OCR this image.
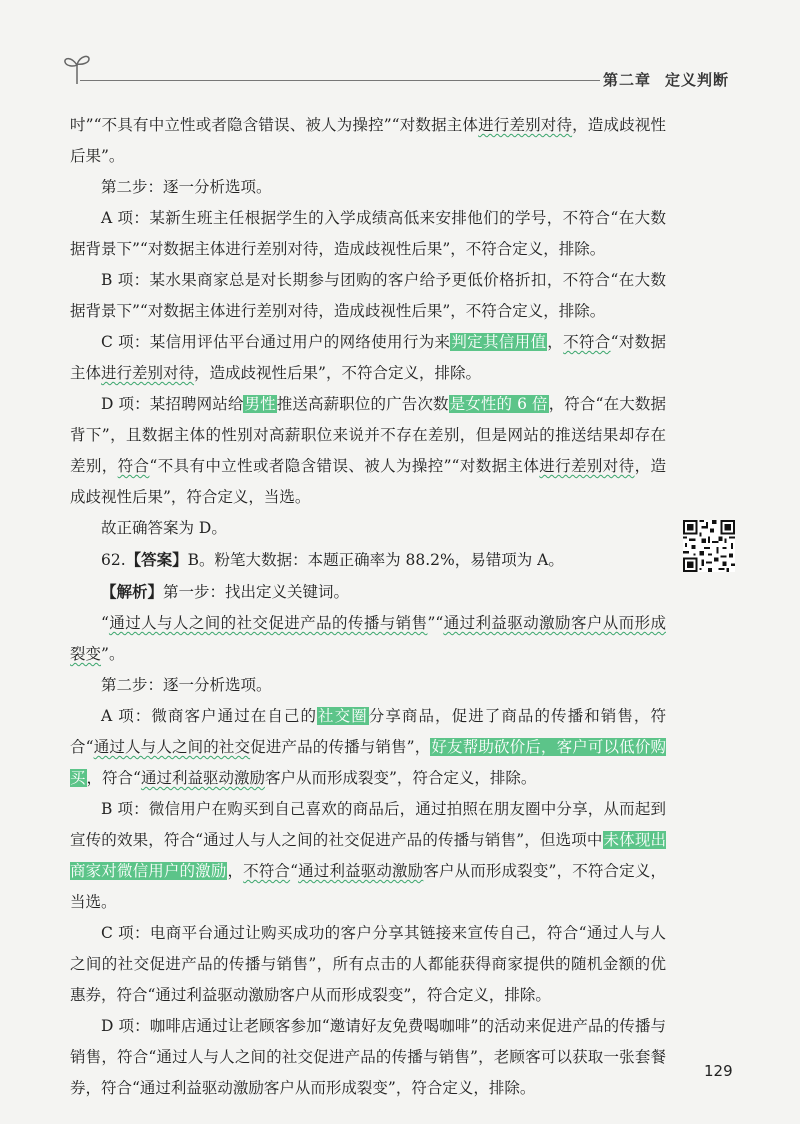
第二章 定义判断

吋”“不具有中立性或者隐含错误、被人为操控”“对数据主体进行差别对待，造成歧视性后果”。

第二步：逐一分析选项。

A 项：某新生班主任根据学生的入学成绩高低来安排他们的学号，不符合“在大数据背景下”“对数据主体进行差别对待，造成歧视性后果”，不符合定义，排除。

B 项：某水果商家总是对长期参与团购的客户给予更低价格折扣，不符合“在大数据背景下”“对数据主体进行差别对待，造成歧视性后果”，不符合定义，排除。

C 项：某信用评估平台通过用户的网络使用行为来判定其信用值，不符合“对数据主体进行差别对待，造成歧视性后果”，不符合定义，排除。

D 项：某招聘网站给男性推送高薪职位的广告次数是女性的 6 倍，符合“在大数据背下”，且数据主体的性别对高薪职位来说并不存在差别，但是网站的推送结果却存在差别，符合“不具有中立性或者隐含错误、被人为操控”“对数据主体进行差别对待，造成歧视性后果”，符合定义，当选。

故正确答案为 D。

62.【答案】B。粉笔大数据：本题正确率为 88.2%，易错项为 A。

【解析】第一步：找出定义关键词。

“通过人与人之间的社交促进产品的传播与销售”“通过利益驱动激励客户从而形成裂变”。

第二步：逐一分析选项。

A 项：微商客户通过在自己的社交圈分享商品，促进了商品的传播和销售，符合“通过人与人之间的社交促进产品的传播与销售”，好友帮助砍价后，客户可以低价购买，符合“通过利益驱动激励客户从而形成裂变”，符合定义，排除。

B 项：微信用户在购买到自己喜欢的商品后，通过拍照在朋友圈中分享，从而起到宣传的效果，符合“通过人与人之间的社交促进产品的传播与销售”，但选项中未体现出商家对微信用户的激励，不符合“通过利益驱动激励客户从而形成裂变”，不符合定义，当选。

C 项：电商平台通过让购买成功的客户分享其链接来宣传自己，符合“通过人与人之间的社交促进产品的传播与销售”，所有点击的人都能获得商家提供的随机金额的优惠券，符合“通过利益驱动激励客户从而形成裂变”，符合定义，排除。

D 项：咖啡店通过让老顾客参加“邀请好友免费喝咖啡”的活动来促进产品的传播与销售，符合“通过人与人之间的社交促进产品的传播与销售”，老顾客可以获取一张套餐券，符合“通过利益驱动激励客户从而形成裂变”，符合定义，排除。

129
